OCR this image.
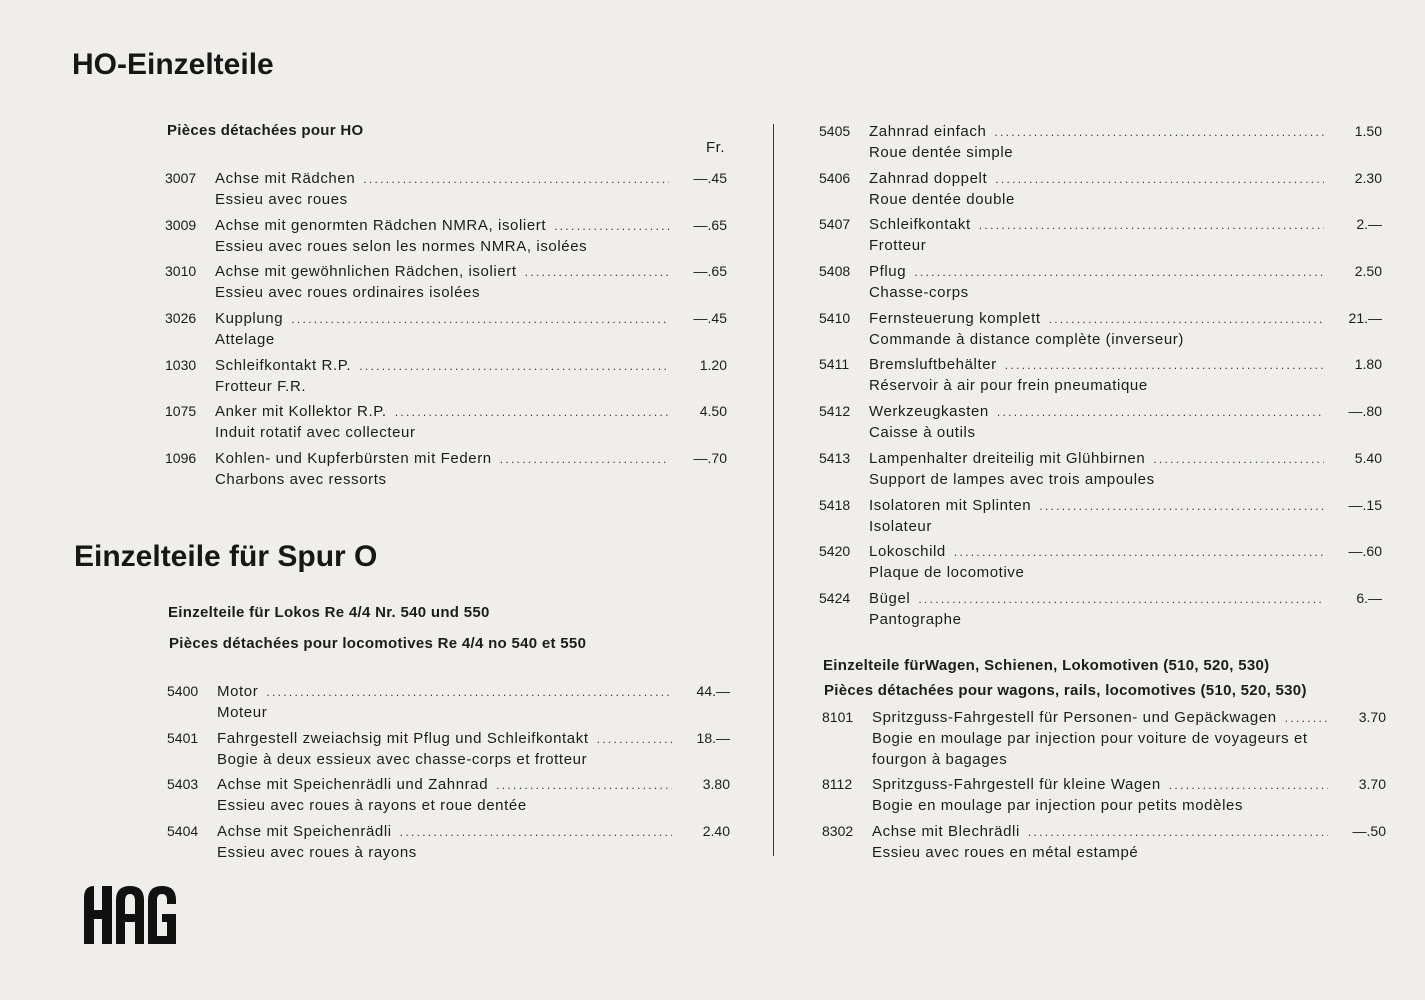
HO-Einzelteile
Pièces détachées pour HO
Fr.
3007 Achse mit Rädchen .....	—.45
Essieu avec roues
3009 Achse mit genormten Rädchen NMRA, isoliert .....	—.65
Essieu avec roues selon les normes NMRA, isolées
3010 Achse mit gewöhnlichen Rädchen, isoliert .....	—.65
Essieu avec roues ordinaires isolées
3026 Kupplung .....	—.45
Attelage
1030 Schleifkontakt R.P. .....	1.20
Frotteur F.R.
1075 Anker mit Kollektor R.P. .....	4.50
Induit rotatif avec collecteur
1096 Kohlen- und Kupferbürsten mit Federn .....	—.70
Charbons avec ressorts
Einzelteile für Spur O
Einzelteile für Lokos Re 4/4 Nr. 540 und 550
Pièces détachées pour locomotives Re 4/4 no 540 et 550
5400 Motor .....	44.—
Moteur
5401 Fahrgestell zweiachsig mit Pflug und Schleifkontakt .....	18.—
Bogie à deux essieux avec chasse-corps et frotteur
5403 Achse mit Speichenrädli und Zahnrad .....	3.80
Essieu avec roues à rayons et roue dentée
5404 Achse mit Speichenrädli .....	2.40
Essieu avec roues à rayons
5405 Zahnrad einfach .....	1.50
Roue dentée simple
5406 Zahnrad doppelt .....	2.30
Roue dentée double
5407 Schleifkontakt .....	2.—
Frotteur
5408 Pflug .....	2.50
Chasse-corps
5410 Fernsteuerung komplett .....	21.—
Commande à distance complète (inverseur)
5411 Bremsluftbehälter .....	1.80
Réservoir à air pour frein pneumatique
5412 Werkzeugkasten .....	—.80
Caisse à outils
5413 Lampenhalter dreiteilig mit Glühbirnen .....	5.40
Support de lampes avec trois ampoules
5418 Isolatoren mit Splinten .....	—.15
Isolateur
5420 Lokoschild .....	—.60
Plaque de locomotive
5424 Bügel .....	6.—
Pantographe
Einzelteile fürWagen, Schienen, Lokomotiven (510, 520, 530)
Pièces détachées pour wagons, rails, locomotives (510, 520, 530)
8101 Spritzguss-Fahrgestell für Personen- und Gepäckwagen .....	3.70
Bogie en moulage par injection pour voiture de voyageurs et fourgon à bagages
8112 Spritzguss-Fahrgestell für kleine Wagen .....	3.70
Bogie en moulage par injection pour petits modèles
8302 Achse mit Blechrädli .....	—.50
Essieu avec roues en métal estampé
